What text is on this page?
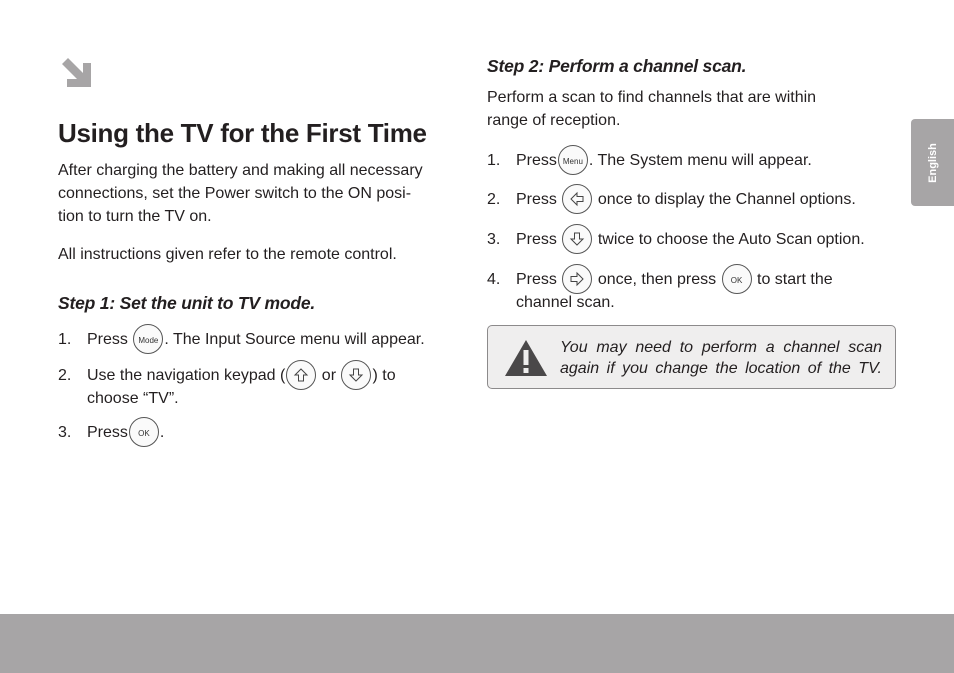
Using the TV for the First Time
After charging the battery and making all necessary
connections, set the Power switch to the ON posi-
tion to turn the TV on.

All instructions given refer to the remote control.

Step 1: Set the unit to TV mode.
1. Press Mode . The Input Source menu will appear.
2. Use the navigation keypad ( or ) to
choose “TV”.
3. Press OK .
Step 2: Perform a channel scan.
Perform a scan to find channels that are within
range of reception.
1. Press Menu . The System menu will appear.
2. Press	once to display the Channel options.
3. Press	twice to choose the Auto Scan option.
4. Press	once, then press OK to start the
channel scan.
You may need to perform a channel scan
again if you change the location of the TV.
English
